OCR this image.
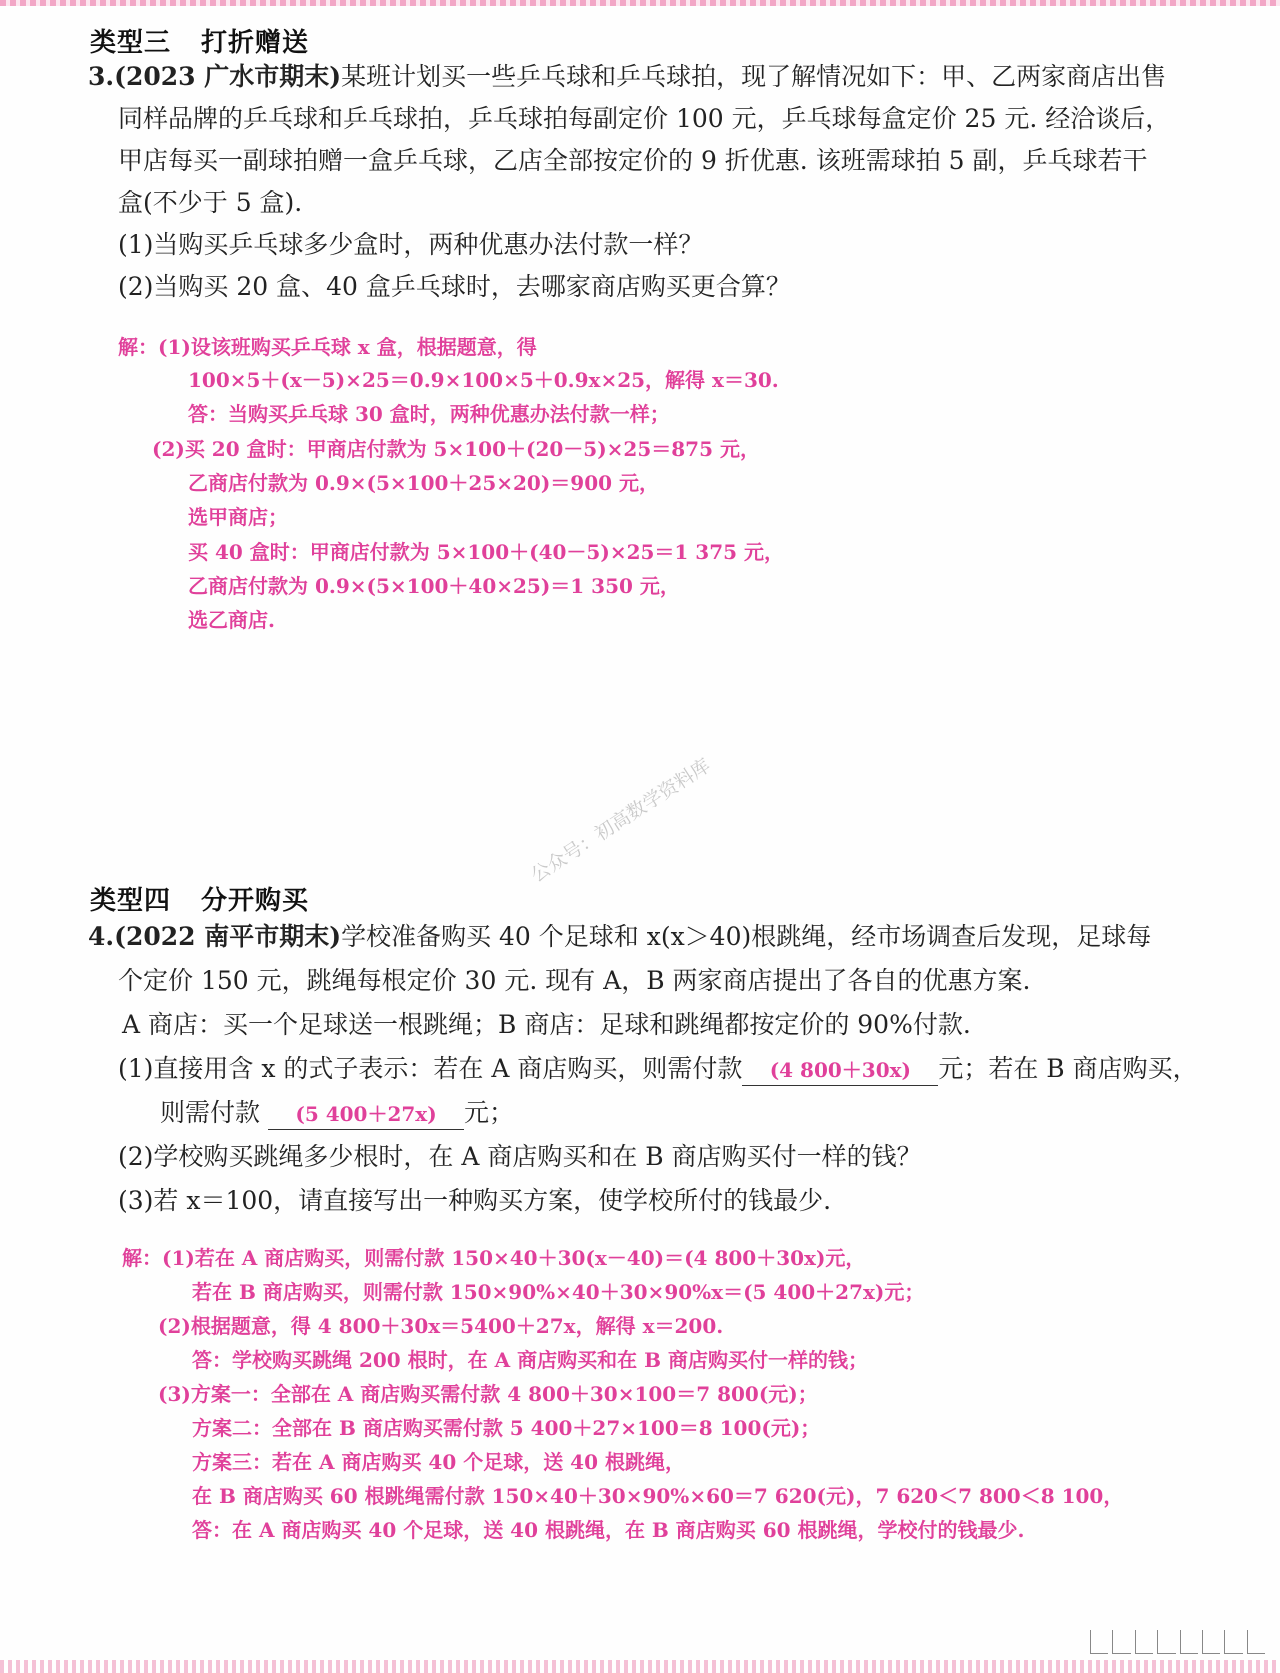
类型三 打折赠送
3.(2023 广水市期末)某班计划买一些乒乓球和乒乓球拍，现了解情况如下：甲、乙两家商店出售
同样品牌的乒乓球和乒乓球拍，乒乓球拍每副定价 100 元，乒乓球每盒定价 25 元. 经洽谈后，
甲店每买一副球拍赠一盒乒乓球，乙店全部按定价的 9 折优惠. 该班需球拍 5 副，乒乓球若干
盒(不少于 5 盒).
(1)当购买乒乓球多少盒时，两种优惠办法付款一样？
(2)当购买 20 盒、40 盒乒乓球时，去哪家商店购买更合算？
解：(1)设该班购买乒乓球 x 盒，根据题意，得
100×5＋(x－5)×25＝0.9×100×5＋0.9x×25，解得 x＝30.
答：当购买乒乓球 30 盒时，两种优惠办法付款一样；
(2)买 20 盒时：甲商店付款为 5×100＋(20－5)×25＝875 元，
乙商店付款为 0.9×(5×100＋25×20)＝900 元，
选甲商店；
买 40 盒时：甲商店付款为 5×100＋(40－5)×25＝1 375 元，
乙商店付款为 0.9×(5×100＋40×25)＝1 350 元，
选乙商店.
公众号：初高数学资料库
类型四 分开购买
4.(2022 南平市期末)学校准备购买 40 个足球和 x(x＞40)根跳绳，经市场调查后发现，足球每
个定价 150 元，跳绳每根定价 30 元. 现有 A，B 两家商店提出了各自的优惠方案.
A 商店：买一个足球送一根跳绳；B 商店：足球和跳绳都按定价的 90%付款.
(1)直接用含 x 的式子表示：若在 A 商店购买，则需付款 (4 800＋30x) 元；若在 B 商店购买，
则需付款 (5 400＋27x) 元；
(2)学校购买跳绳多少根时，在 A 商店购买和在 B 商店购买付一样的钱？
(3)若 x＝100，请直接写出一种购买方案，使学校所付的钱最少.
解：(1)若在 A 商店购买，则需付款 150×40＋30(x－40)＝(4 800＋30x)元，
若在 B 商店购买，则需付款 150×90%×40＋30×90%x＝(5 400＋27x)元；
(2)根据题意，得 4 800＋30x＝5400＋27x，解得 x＝200.
答：学校购买跳绳 200 根时，在 A 商店购买和在 B 商店购买付一样的钱；
(3)方案一：全部在 A 商店购买需付款 4 800＋30×100＝7 800(元)；
方案二：全部在 B 商店购买需付款 5 400＋27×100＝8 100(元)；
方案三：若在 A 商店购买 40 个足球，送 40 根跳绳，
在 B 商店购买 60 根跳绳需付款 150×40＋30×90%×60＝7 620(元)，7 620＜7 800＜8 100，
答：在 A 商店购买 40 个足球，送 40 根跳绳，在 B 商店购买 60 根跳绳，学校付的钱最少.
